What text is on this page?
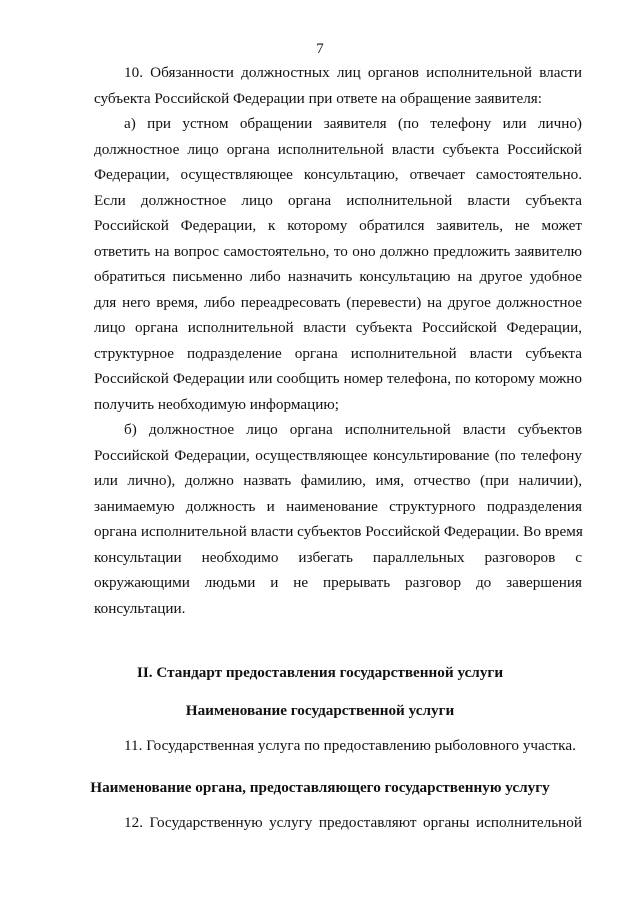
7
10. Обязанности должностных лиц органов исполнительной власти
субъекта Российской Федерации при ответе на обращение заявителя:
а) при устном обращении заявителя (по телефону или лично)
должностное лицо органа исполнительной власти субъекта Российской
Федерации, осуществляющее консультацию, отвечает самостоятельно.
Если должностное лицо органа исполнительной власти субъекта
Российской Федерации, к которому обратился заявитель, не может
ответить на вопрос самостоятельно, то оно должно предложить заявителю
обратиться письменно либо назначить консультацию на другое удобное
для него время, либо переадресовать (перевести) на другое должностное
лицо органа исполнительной власти субъекта Российской Федерации,
структурное подразделение органа исполнительной власти субъекта
Российской Федерации или сообщить номер телефона, по которому можно
получить необходимую информацию;
б) должностное лицо органа исполнительной власти субъектов
Российской Федерации, осуществляющее консультирование (по телефону
или лично), должно назвать фамилию, имя, отчество (при наличии),
занимаемую должность и наименование структурного подразделения
органа исполнительной власти субъектов Российской Федерации. Во время
консультации необходимо избегать параллельных разговоров с
окружающими людьми и не прерывать разговор до завершения
консультации.
II. Стандарт предоставления государственной услуги
Наименование государственной услуги
11. Государственная услуга по предоставлению рыболовного участка.
Наименование органа, предоставляющего государственную услугу
12. Государственную услугу предоставляют органы исполнительной
